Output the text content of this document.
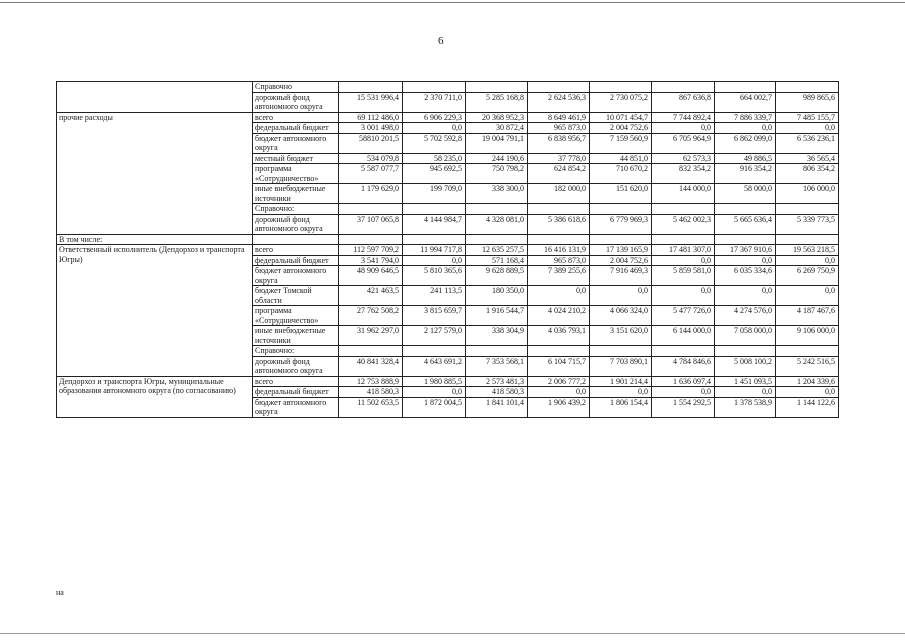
6
	Справочно								
	дорожный фонд автономного округа	15 531 996,4	2 370 711,0	5 285 168,8	2 624 536,3	2 730 075,2	867 636,8	664 002,7	989 865,6
прочие расходы	всего	69 112 486,0	6 906 229,3	20 368 952,3	8 649 461,9	10 071 454,7	7 744 892,4	7 886 339,7	7 485 155,7
	федеральный бюджет	3 001 498,0	0,0	30 872,4	965 873,0	2 004 752,6	0,0	0,0	0,0
	бюджет автономного округа	58810 201,5	5 702 592,8	19 004 791,1	6 838 956,7	7 159 560,9	6 705 964,9	6 862 099,0	6 536 236,1
	местный бюджет	534 079,8	58 235,0	244 190,6	37 778,0	44 851,0	62 573,3	49 886,5	36 565,4
	программа «Сотрудничество»	5 587 077,7	945 692,5	750 798,2	624 854,2	710 670,2	832 354,2	916 354,2	806 354,2
	иные внебюджетные источники	1 179 629,0	199 709,0	338 300,0	182 000,0	151 620,0	144 000,0	58 000,0	106 000,0
	Справочно:								
	дорожный фонд автономного округа	37 107 065,8	4 144 984,7	4 328 081,0	5 386 618,6	6 779 969,3	5 462 002,3	5 665 636,4	5 339 773,5
В том числе:									
Ответственный исполнитель (Депдорхоз и транспорта Югры)	всего	112 597 709,2	11 994 717,8	12 635 257,5	16 416 131,9	17 139 165,9	17 481 307,0	17 367 910,6	19 563 218,5
	федеральный бюджет	3 541 794,0	0,0	571 168,4	965 873,0	2 004 752,6	0,0	0,0	0,0
	бюджет автономного округа	48 909 646,5	5 810 365,6	9 628 889,5	7 389 255,6	7 916 469,3	5 859 581,0	6 035 334,6	6 269 750,9
	бюджет Томской области	421 463,5	241 113,5	180 350,0	0,0	0,0	0,0	0,0	0,0
	программа «Сотрудничество»	27 762 508,2	3 815 659,7	1 916 544,7	4 024 210,2	4 066 324,0	5 477 726,0	4 274 576,0	4 187 467,6
	иные внебюджетные источники	31 962 297,0	2 127 579,0	338 304,9	4 036 793,1	3 151 620,0	6 144 000,0	7 058 000,0	9 106 000,0
	Справочно:								
	дорожный фонд автономного округа	40 841 328,4	4 643 691,2	7 353 568,1	6 104 715,7	7 703 890,1	4 784 846,6	5 008 100,2	5 242 516,5
Депдорхоз и транспорта Югры, муниципальные образования автономного округа (по согласованию)	всего	12 753 888,9	1 980 885,5	2 573 481,3	2 006 777,2	1 901 214,4	1 636 097,4	1 451 093,5	1 204 339,6
	федеральный бюджет	418 580,3	0,0	418 580,3	0,0	0,0	0,0	0,0	0,0
	бюджет автономного округа	11 502 653,5	1 872 004,5	1 841 101,4	1 906 439,2	1 806 154,4	1 554 292,5	1 378 538,9	1 144 122,6
на
